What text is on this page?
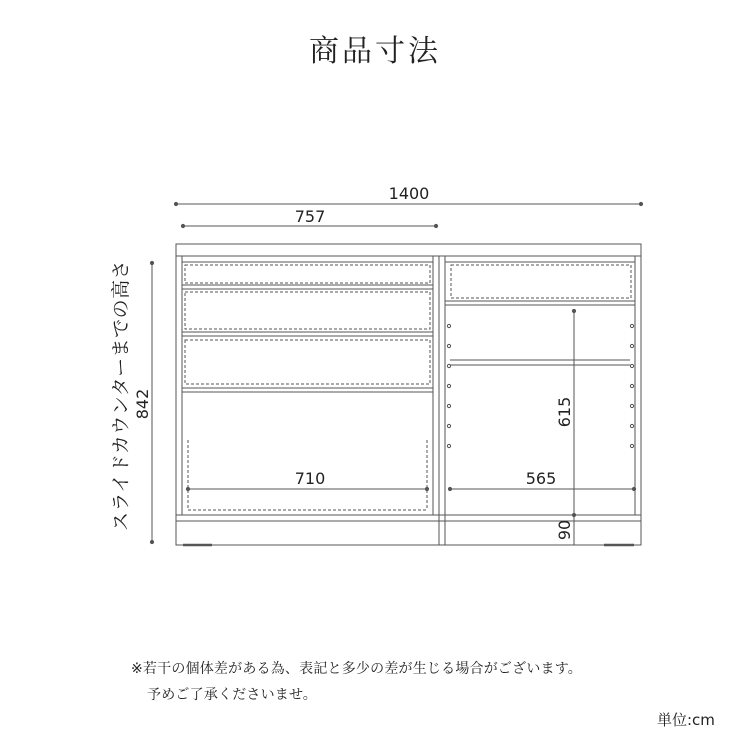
商品寸法
1400
757
842
710	565
615
90
スライドカウンターまでの高さ
※若干の個体差がある為、表記と多少の差が生じる場合がございます。
予めご了承くださいませ。
単位:cm
